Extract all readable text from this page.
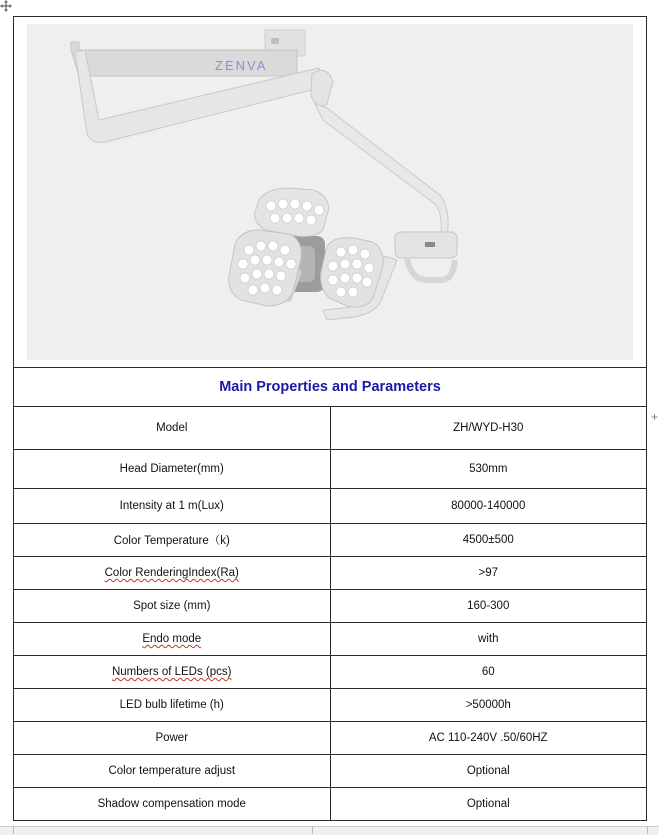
ZENVA	

Main Properties and Parameters	
Model	ZH/WYD-H30
Head Diameter(mm)	530mm
Intensity at 1 m(Lux)	80000-140000
Color Temperature（k)	4500±500
Color RenderingIndex(Ra)	>97
Spot size (mm)	160-300
Endo mode	with
Numbers of LEDs (pcs)	60
LED bulb lifetime (h)	>50000h
Power	AC 110-240V .50/60HZ
Color temperature adjust	Optional
Shadow compensation mode	Optional
+
